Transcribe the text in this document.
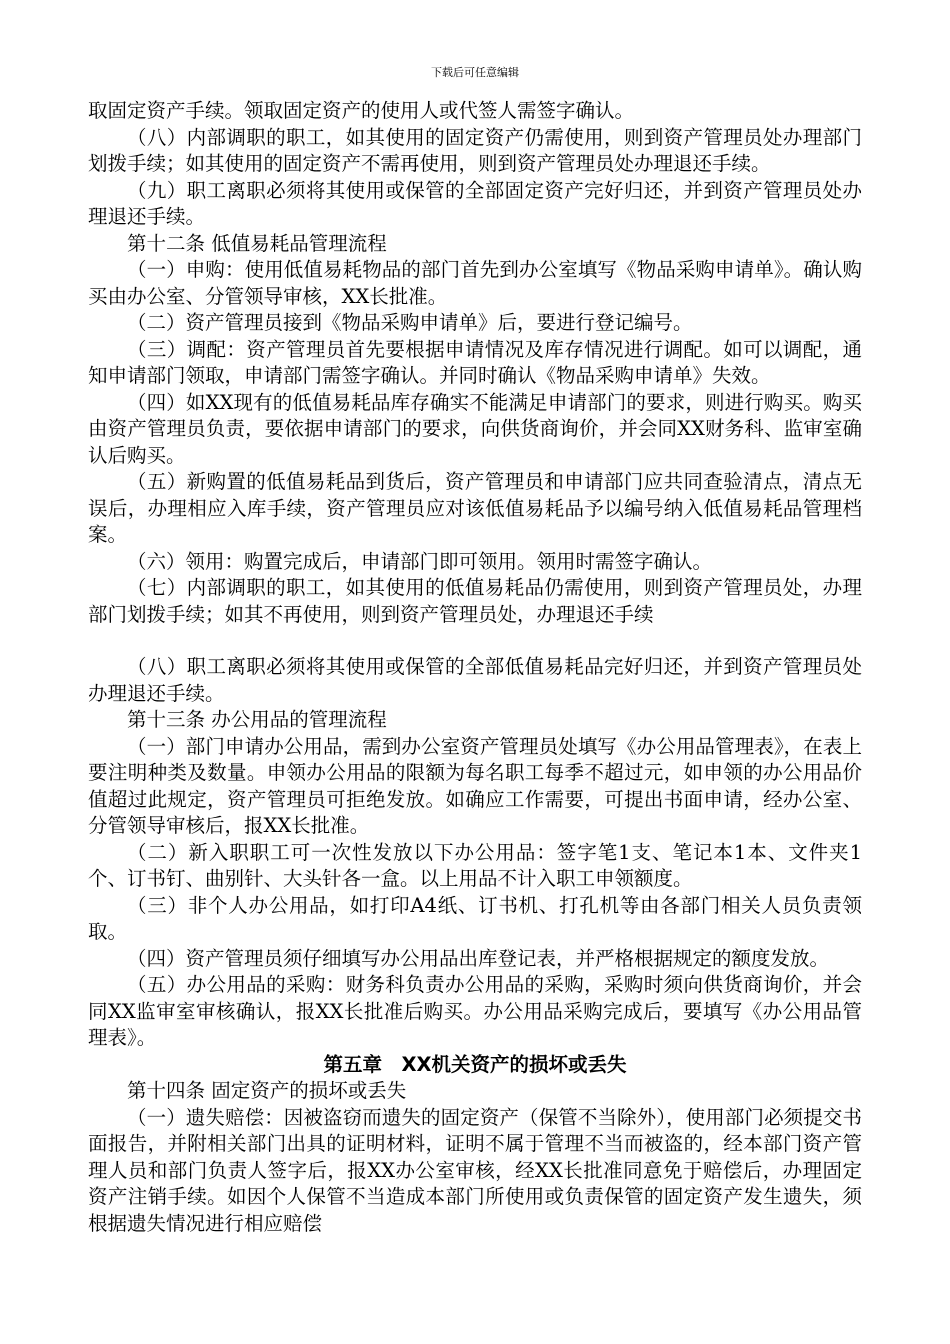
下载后可任意编辑

取固定资产手续。领取固定资产的使用人或代签人需签字确认。

（八）内部调职的职工，如其使用的固定资产仍需使用，则到资产管理员处办理部门划拨手续；如其使用的固定资产不需再使用，则到资产管理员处办理退还手续。

（九）职工离职必须将其使用或保管的全部固定资产完好归还，并到资产管理员处办理退还手续。

第十二条 低值易耗品管理流程

（一）申购：使用低值易耗物品的部门首先到办公室填写《物品采购申请单》。确认购买由办公室、分管领导审核，XX长批准。

（二）资产管理员接到《物品采购申请单》后，要进行登记编号。

（三）调配：资产管理员首先要根据申请情况及库存情况进行调配。如可以调配，通知申请部门领取，申请部门需签字确认。并同时确认《物品采购申请单》失效。

（四）如XX现有的低值易耗品库存确实不能满足申请部门的要求，则进行购买。购买由资产管理员负责，要依据申请部门的要求，向供货商询价，并会同XX财务科、监审室确认后购买。

（五）新购置的低值易耗品到货后，资产管理员和申请部门应共同查验清点，清点无误后，办理相应入库手续，资产管理员应对该低值易耗品予以编号纳入低值易耗品管理档案。

（六）领用：购置完成后，申请部门即可领用。领用时需签字确认。

（七）内部调职的职工，如其使用的低值易耗品仍需使用，则到资产管理员处，办理部门划拨手续；如其不再使用，则到资产管理员处，办理退还手续

（八）职工离职必须将其使用或保管的全部低值易耗品完好归还，并到资产管理员处办理退还手续。

第十三条 办公用品的管理流程

（一）部门申请办公用品，需到办公室资产管理员处填写《办公用品管理表》，在表上要注明种类及数量。申领办公用品的限额为每名职工每季不超过元，如申领的办公用品价值超过此规定，资产管理员可拒绝发放。如确应工作需要，可提出书面申请，经办公室、分管领导审核后，报XX长批准。

（二）新入职职工可一次性发放以下办公用品：签字笔1支、笔记本1本、文件夹1个、订书钉、曲别针、大头针各一盒。以上用品不计入职工申领额度。

（三）非个人办公用品，如打印A4纸、订书机、打孔机等由各部门相关人员负责领取。

（四）资产管理员须仔细填写办公用品出库登记表，并严格根据规定的额度发放。

（五）办公用品的采购：财务科负责办公用品的采购，采购时须向供货商询价，并会同XX监审室审核确认，报XX长批准后购买。办公用品采购完成后，要填写《办公用品管理表》。

第五章　XX机关资产的损坏或丢失

第十四条 固定资产的损坏或丢失

（一）遗失赔偿：因被盗窃而遗失的固定资产（保管不当除外），使用部门必须提交书面报告，并附相关部门出具的证明材料，证明不属于管理不当而被盗的，经本部门资产管理人员和部门负责人签字后，报XX办公室审核，经XX长批准同意免于赔偿后，办理固定资产注销手续。如因个人保管不当造成本部门所使用或负责保管的固定资产发生遗失，须根据遗失情况进行相应赔偿
